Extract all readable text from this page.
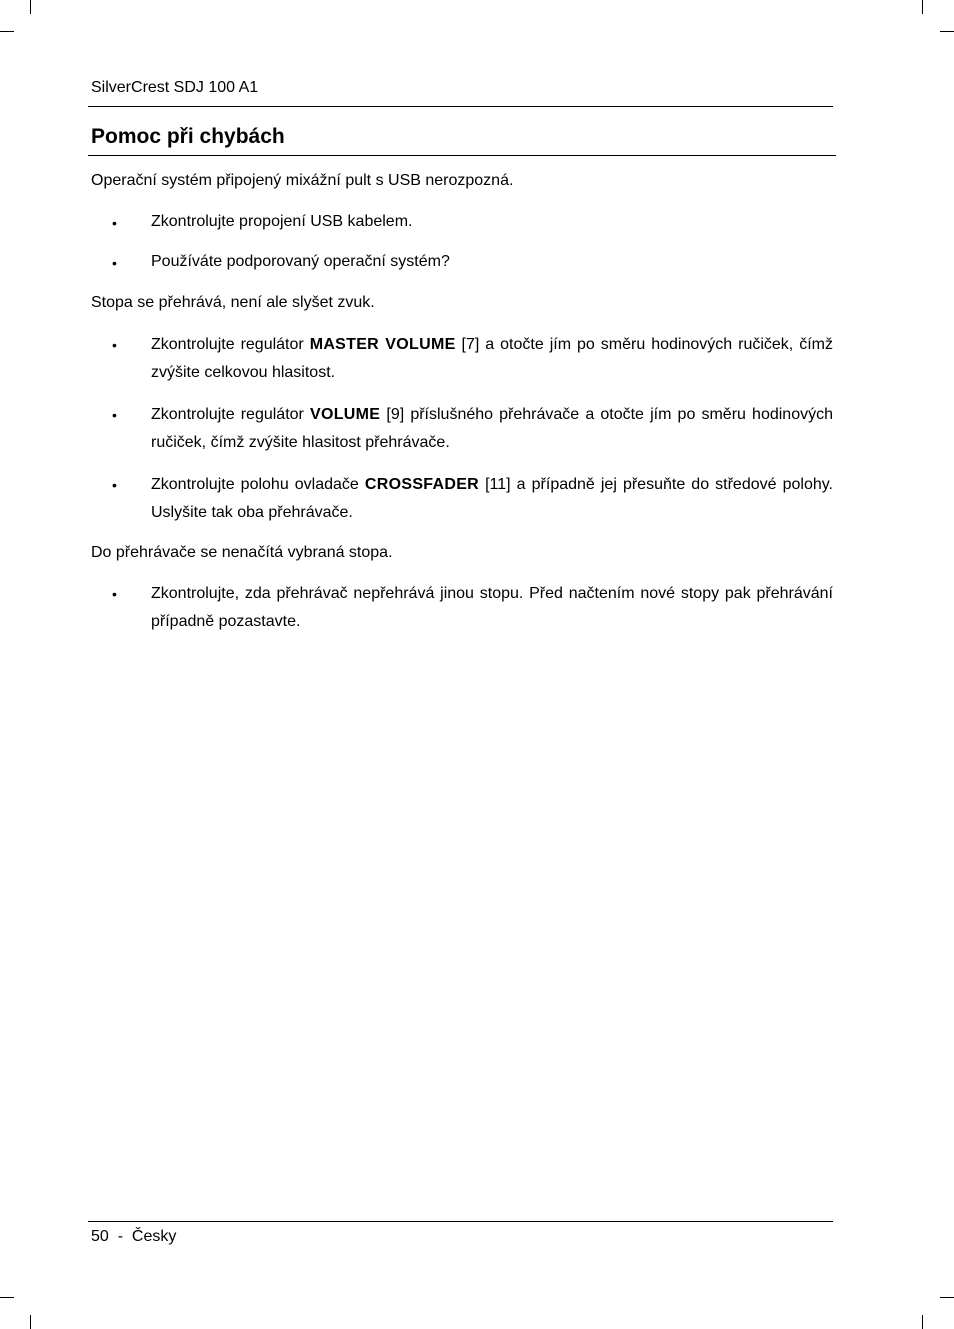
SilverCrest SDJ 100 A1
Pomoc při chybách
Operační systém připojený mixážní pult s USB nerozpozná.
• Zkontrolujte propojení USB kabelem.
• Používáte podporovaný operační systém?
Stopa se přehrává, není ale slyšet zvuk.
• Zkontrolujte regulátor MASTER VOLUME [7] a otočte jím po směru hodinových ručiček, čímž zvýšite celkovou hlasitost.
• Zkontrolujte regulátor VOLUME [9] příslušného přehrávače a otočte jím po směru hodinových ručiček, čímž zvýšite hlasitost přehrávače.
• Zkontrolujte polohu ovladače CROSSFADER [11] a případně jej přesuňte do středové polohy. Uslyšite tak oba přehrávače.
Do přehrávače se nenačítá vybraná stopa.
• Zkontrolujte, zda přehrávač nepřehrává jinou stopu. Před načtením nové stopy pak přehrávání případně pozastavte.
50 - Česky
